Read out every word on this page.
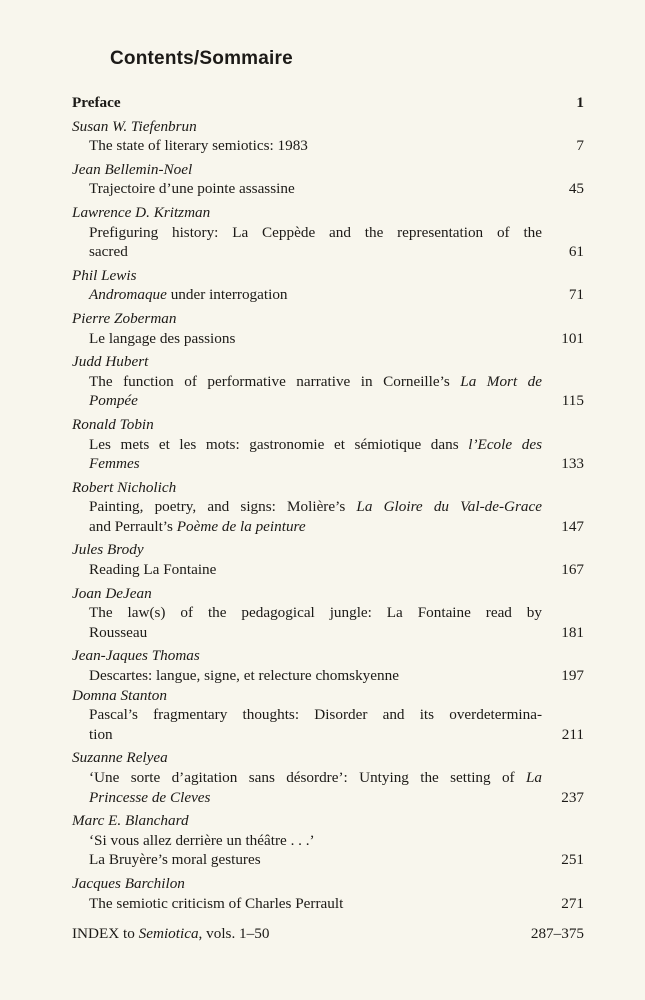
Contents/Sommaire
Preface	1
Susan W. Tiefenbrun
The state of literary semiotics: 1983	7
Jean Bellemin-Noel
Trajectoire d’une pointe assassine	45
Lawrence D. Kritzman
Prefiguring history: La Ceppède and the representation of the
sacred	61
Phil Lewis
Andromaque under interrogation	71
Pierre Zoberman
Le langage des passions	101
Judd Hubert
The function of performative narrative in Corneille’s La Mort de
Pompée	115
Ronald Tobin
Les mets et les mots: gastronomie et sémiotique dans l’Ecole des
Femmes	133
Robert Nicholich
Painting, poetry, and signs: Molière’s La Gloire du Val-de-Grace
and Perrault’s Poème de la peinture	147
Jules Brody
Reading La Fontaine	167
Joan DeJean
The law(s) of the pedagogical jungle: La Fontaine read by
Rousseau	181
Jean-Jaques Thomas
Descartes: langue, signe, et relecture chomskyenne	197
Domna Stanton
Pascal’s fragmentary thoughts: Disorder and its overdetermina-
tion	211
Suzanne Relyea
‘Une sorte d’agitation sans désordre’: Untying the setting of La
Princesse de Cleves	237
Marc E. Blanchard
‘Si vous allez derrière un théâtre . . .’
La Bruyère’s moral gestures	251
Jacques Barchilon
The semiotic criticism of Charles Perrault	271
INDEX to Semiotica, vols. 1–50	287–375
